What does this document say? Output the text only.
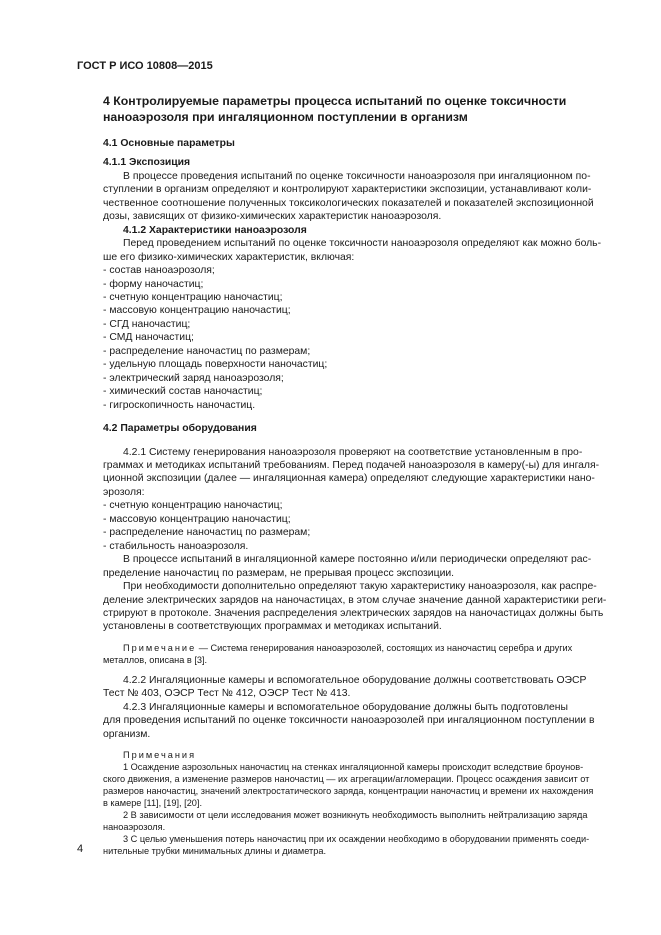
ГОСТ Р ИСО 10808—2015

4 Контролируемые параметры процесса испытаний по оценке токсичности
наноаэрозоля при ингаляционном поступлении в организм

4.1 Основные параметры

4.1.1 Экспозиция

В процессе проведения испытаний по оценке токсичности наноаэрозоля при ингаляционном по-
ступлении в организм определяют и контролируют характеристики экспозиции, устанавливают коли-
чественное соотношение полученных токсикологических показателей и показателей экспозиционной
дозы, зависящих от физико-химических характеристик наноаэрозоля.

4.1.2 Характеристики наноаэрозоля

Перед проведением испытаний по оценке токсичности наноаэрозоля определяют как можно боль-
ше его физико-химических характеристик, включая:

- состав наноаэрозоля;

- форму наночастиц;

- счетную концентрацию наночастиц;

- массовую концентрацию наночастиц;

- СГД наночастиц;

- СМД наночастиц;

- распределение наночастиц по размерам;

- удельную площадь поверхности наночастиц;

- электрический заряд наноаэрозоля;

- химический состав наночастиц;

- гигроскопичность наночастиц.

4.2 Параметры оборудования

4.2.1 Систему генерирования наноаэрозоля проверяют на соответствие установленным в про-
граммах и методиках испытаний требованиям. Перед подачей наноаэрозоля в камеру(-ы) для ингаля-
ционной экспозиции (далее — ингаляционная камера) определяют следующие характеристики нано-
эрозоля:

- счетную концентрацию наночастиц;

- массовую концентрацию наночастиц;

- распределение наночастиц по размерам;

- стабильность наноаэрозоля.

В процессе испытаний в ингаляционной камере постоянно и/или периодически определяют рас-
пределение наночастиц по размерам, не прерывая процесс экспозиции.

При необходимости дополнительно определяют такую характеристику наноаэрозоля, как распре-
деление электрических зарядов на наночастицах, в этом случае значение данной характеристики реги-
стрируют в протоколе. Значения распределения электрических зарядов на наночастицах должны быть
установлены в соответствующих программах и методиках испытаний.

Примечание — Система генерирования наноаэрозолей, состоящих из наночастиц серебра и других
металлов, описана в [3].

4.2.2 Ингаляционные камеры и вспомогательное оборудование должны соответствовать ОЭСР
Тест № 403, ОЭСР Тест № 412, ОЭСР Тест № 413.

4.2.3 Ингаляционные камеры и вспомогательное оборудование должны быть подготовлены
для проведения испытаний по оценке токсичности наноаэрозолей при ингаляционном поступлении в
организм.

Примечания

1 Осаждение аэрозольных наночастиц на стенках ингаляционной камеры происходит вследствие броунов-
ского движения, а изменение размеров наночастиц — их агрегации/агломерации. Процесс осаждения зависит от
размеров наночастиц, значений электростатического заряда, концентрации наночастиц и времени их нахождения
в камере [11], [19], [20].

2 В зависимости от цели исследования может возникнуть необходимость выполнить нейтрализацию заряда
наноаэрозоля.

3 С целью уменьшения потерь наночастиц при их осаждении необходимо в оборудовании применять соеди-
нительные трубки минимальных длины и диаметра.

4
